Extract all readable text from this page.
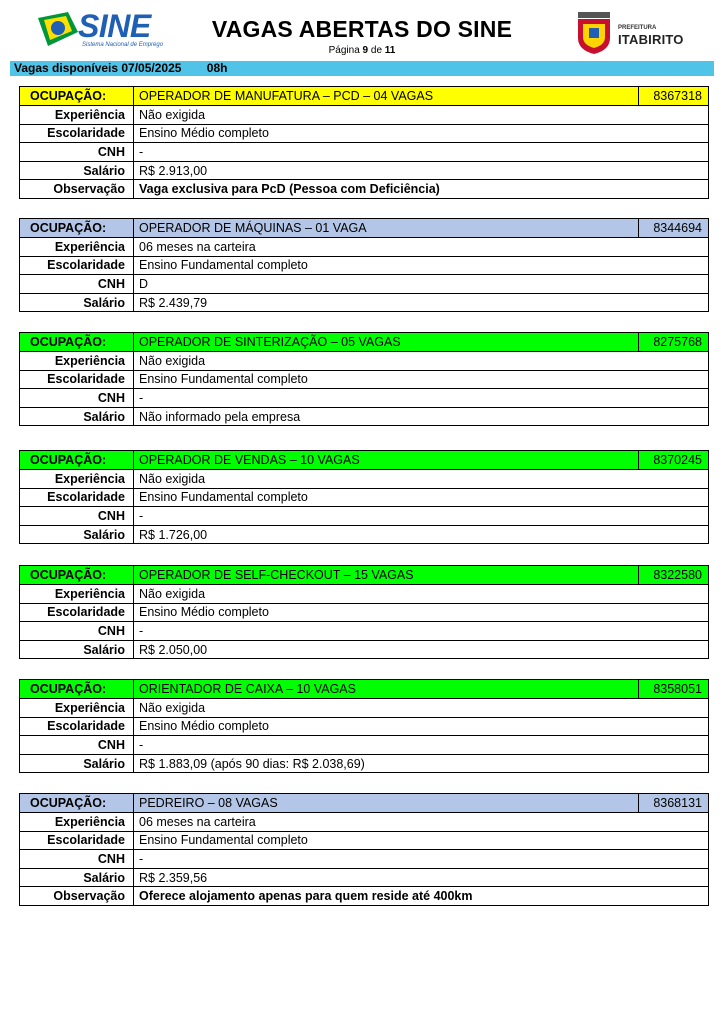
SINE
Sistema Nacional de Emprego
VAGAS ABERTAS DO SINE
Página 9 de 11
PREFEITURA
ITABIRITO
Vagas disponíveis 07/05/2025 08h
OCUPAÇÃO:	OPERADOR DE MANUFATURA – PCD – 04 VAGAS	8367318
Experiência	Não exigida	
Escolaridade	Ensino Médio completo	
CNH	-	
Salário	R$ 2.913,00	
Observação	Vaga exclusiva para PcD (Pessoa com Deficiência)	
OCUPAÇÃO:	OPERADOR DE MÁQUINAS – 01 VAGA	8344694
Experiência	06 meses na carteira	
Escolaridade	Ensino Fundamental completo	
CNH	D	
Salário	R$ 2.439,79	
OCUPAÇÃO:	OPERADOR DE SINTERIZAÇÃO – 05 VAGAS	8275768
Experiência	Não exigida	
Escolaridade	Ensino Fundamental completo	
CNH	-	
Salário	Não informado pela empresa	
OCUPAÇÃO:	OPERADOR DE VENDAS – 10 VAGAS	8370245
Experiência	Não exigida	
Escolaridade	Ensino Fundamental completo	
CNH	-	
Salário	R$ 1.726,00	
OCUPAÇÃO:	OPERADOR DE SELF-CHECKOUT – 15 VAGAS	8322580
Experiência	Não exigida	
Escolaridade	Ensino Médio completo	
CNH	-	
Salário	R$ 2.050,00	
OCUPAÇÃO:	ORIENTADOR DE CAIXA – 10 VAGAS	8358051
Experiência	Não exigida	
Escolaridade	Ensino Médio completo	
CNH	-	
Salário	R$ 1.883,09 (após 90 dias: R$ 2.038,69)	
OCUPAÇÃO:	PEDREIRO – 08 VAGAS	8368131
Experiência	06 meses na carteira	
Escolaridade	Ensino Fundamental completo	
CNH	-	
Salário	R$ 2.359,56	
Observação	Oferece alojamento apenas para quem reside até 400km	
